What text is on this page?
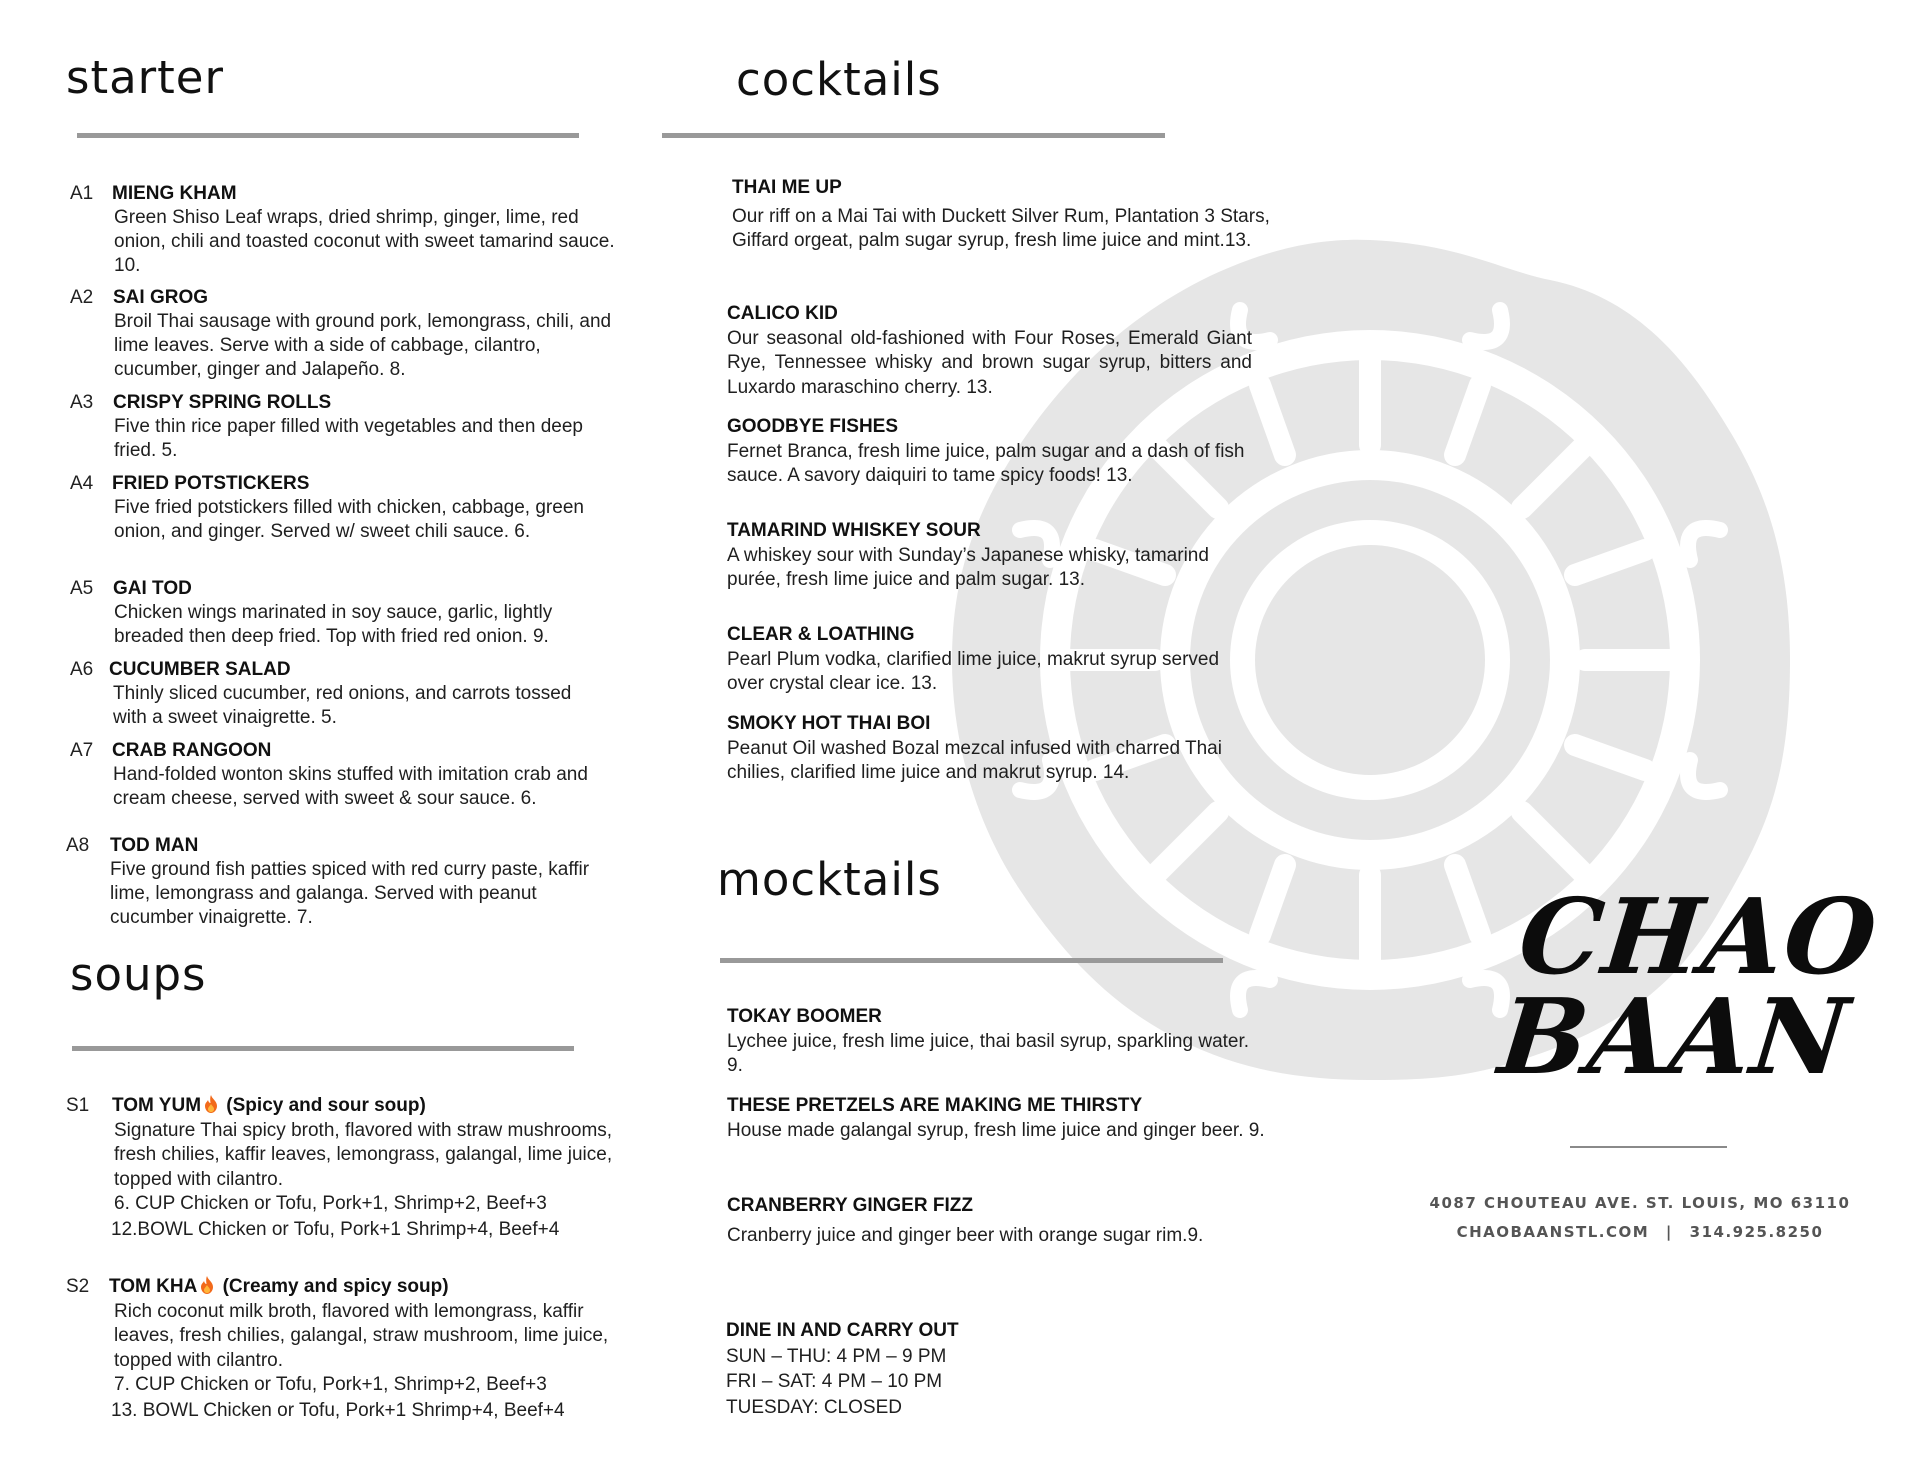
starter
A1 MIENG KHAM
Green Shiso Leaf wraps, dried shrimp, ginger, lime, red onion, chili and toasted coconut with sweet tamarind sauce. 10.
A2 SAI GROG
Broil Thai sausage with ground pork, lemongrass, chili, and lime leaves. Serve with a side of cabbage, cilantro, cucumber, ginger and Jalapeño. 8.
A3 CRISPY SPRING ROLLS
Five thin rice paper filled with vegetables and then deep fried. 5.
A4 FRIED POTSTICKERS
Five fried potstickers filled with chicken, cabbage, green onion, and ginger. Served w/ sweet chili sauce. 6.
A5 GAI TOD
Chicken wings marinated in soy sauce, garlic, lightly breaded then deep fried. Top with fried red onion. 9.
A6 CUCUMBER SALAD
Thinly sliced cucumber, red onions, and carrots tossed with a sweet vinaigrette. 5.
A7 CRAB RANGOON
Hand-folded wonton skins stuffed with imitation crab and cream cheese, served with sweet & sour sauce. 6.
A8 TOD MAN
Five ground fish patties spiced with red curry paste, kaffir lime, lemongrass and galanga. Served with peanut cucumber vinaigrette. 7.
soups
S1 TOM YUM (Spicy and sour soup)
Signature Thai spicy broth, flavored with straw mushrooms, fresh chilies, kaffir leaves, lemongrass, galangal, lime juice, topped with cilantro.
6. CUP Chicken or Tofu, Pork+1, Shrimp+2, Beef+3
12.BOWL Chicken or Tofu, Pork+1 Shrimp+4, Beef+4
S2 TOM KHA (Creamy and spicy soup)
Rich coconut milk broth, flavored with lemongrass, kaffir leaves, fresh chilies, galangal, straw mushroom, lime juice, topped with cilantro.
7. CUP Chicken or Tofu, Pork+1, Shrimp+2, Beef+3
13. BOWL Chicken or Tofu, Pork+1 Shrimp+4, Beef+4
cocktails
THAI ME UP
Our riff on a Mai Tai with Duckett Silver Rum, Plantation 3 Stars, Giffard orgeat, palm sugar syrup, fresh lime juice and mint.13.
CALICO KID
Our seasonal old-fashioned with Four Roses, Emerald Giant Rye, Tennessee whisky and brown sugar syrup, bitters and Luxardo maraschino cherry. 13.
GOODBYE FISHES
Fernet Branca, fresh lime juice, palm sugar and a dash of fish sauce. A savory daiquiri to tame spicy foods! 13.
TAMARIND WHISKEY SOUR
A whiskey sour with Sunday’s Japanese whisky, tamarind purée, fresh lime juice and palm sugar. 13.
CLEAR & LOATHING
Pearl Plum vodka, clarified lime juice, makrut syrup served over crystal clear ice. 13.
SMOKY HOT THAI BOI
Peanut Oil washed Bozal mezcal infused with charred Thai chilies, clarified lime juice and makrut syrup. 14.
mocktails
TOKAY BOOMER
Lychee juice, fresh lime juice, thai basil syrup, sparkling water. 9.
THESE PRETZELS ARE MAKING ME THIRSTY
House made galangal syrup, fresh lime juice and ginger beer. 9.
CRANBERRY GINGER FIZZ
Cranberry juice and ginger beer with orange sugar rim.9.
DINE IN AND CARRY OUT
SUN – THU: 4 PM – 9 PM
FRI – SAT: 4 PM – 10 PM
TUESDAY: CLOSED
CHAO
BAAN
4087 CHOUTEAU AVE. ST. LOUIS, MO 63110
CHAOBAANSTL.COM | 314.925.8250
